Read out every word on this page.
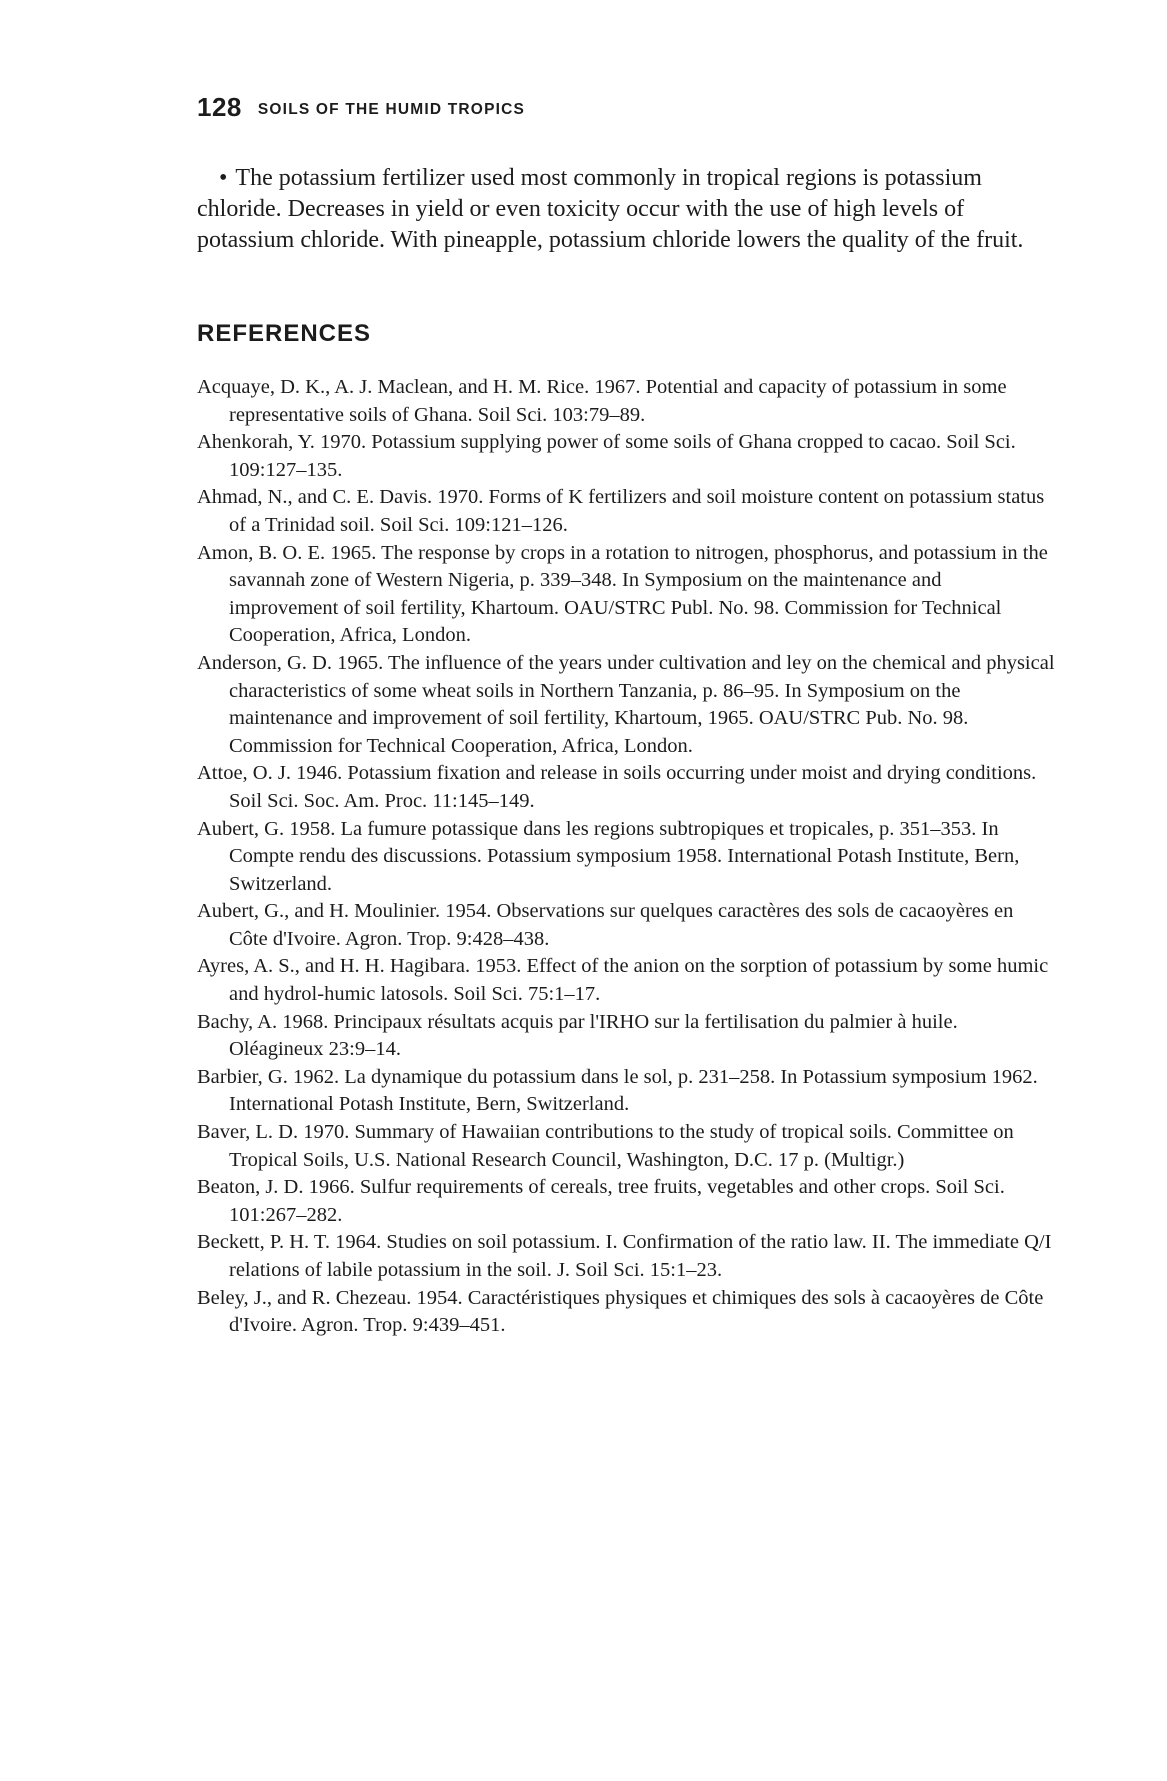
128 SOILS OF THE HUMID TROPICS

• The potassium fertilizer used most commonly in tropical regions is potassium chloride. Decreases in yield or even toxicity occur with the use of high levels of potassium chloride. With pineapple, potassium chloride lowers the quality of the fruit.

REFERENCES
Acquaye, D. K., A. J. Maclean, and H. M. Rice. 1967. Potential and capacity of potassium in some representative soils of Ghana. Soil Sci. 103:79–89.
Ahenkorah, Y. 1970. Potassium supplying power of some soils of Ghana cropped to cacao. Soil Sci. 109:127–135.
Ahmad, N., and C. E. Davis. 1970. Forms of K fertilizers and soil moisture content on potassium status of a Trinidad soil. Soil Sci. 109:121–126.
Amon, B. O. E. 1965. The response by crops in a rotation to nitrogen, phosphorus, and potassium in the savannah zone of Western Nigeria, p. 339–348. In Symposium on the maintenance and improvement of soil fertility, Khartoum. OAU/STRC Publ. No. 98. Commission for Technical Cooperation, Africa, London.
Anderson, G. D. 1965. The influence of the years under cultivation and ley on the chemical and physical characteristics of some wheat soils in Northern Tanzania, p. 86–95. In Symposium on the maintenance and improvement of soil fertility, Khartoum, 1965. OAU/STRC Pub. No. 98. Commission for Technical Cooperation, Africa, London.
Attoe, O. J. 1946. Potassium fixation and release in soils occurring under moist and drying conditions. Soil Sci. Soc. Am. Proc. 11:145–149.
Aubert, G. 1958. La fumure potassique dans les regions subtropiques et tropicales, p. 351–353. In Compte rendu des discussions. Potassium symposium 1958. International Potash Institute, Bern, Switzerland.
Aubert, G., and H. Moulinier. 1954. Observations sur quelques caractères des sols de cacaoyères en Côte d'Ivoire. Agron. Trop. 9:428–438.
Ayres, A. S., and H. H. Hagibara. 1953. Effect of the anion on the sorption of potassium by some humic and hydrol-humic latosols. Soil Sci. 75:1–17.
Bachy, A. 1968. Principaux résultats acquis par l'IRHO sur la fertilisation du palmier à huile. Oléagineux 23:9–14.
Barbier, G. 1962. La dynamique du potassium dans le sol, p. 231–258. In Potassium symposium 1962. International Potash Institute, Bern, Switzerland.
Baver, L. D. 1970. Summary of Hawaiian contributions to the study of tropical soils. Committee on Tropical Soils, U.S. National Research Council, Washington, D.C. 17 p. (Multigr.)
Beaton, J. D. 1966. Sulfur requirements of cereals, tree fruits, vegetables and other crops. Soil Sci. 101:267–282.
Beckett, P. H. T. 1964. Studies on soil potassium. I. Confirmation of the ratio law. II. The immediate Q/I relations of labile potassium in the soil. J. Soil Sci. 15:1–23.
Beley, J., and R. Chezeau. 1954. Caractéristiques physiques et chimiques des sols à cacaoyères de Côte d'Ivoire. Agron. Trop. 9:439–451.
